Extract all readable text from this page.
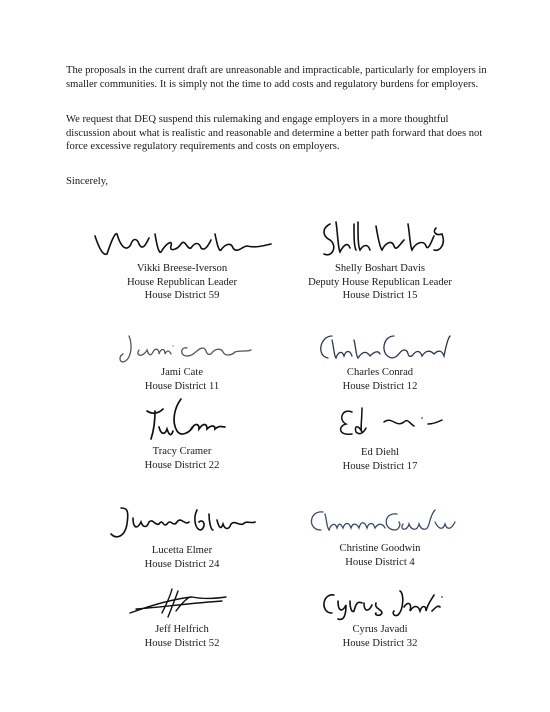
The proposals in the current draft are unreasonable and impracticable, particularly for employers in smaller communities. It is simply not the time to add costs and regulatory burdens for employers.

We request that DEQ suspend this rulemaking and engage employers in a more thoughtful discussion about what is realistic and reasonable and determine a better path forward that does not force excessive regulatory requirements and costs on employers.

Sincerely,

Vikki Breese-Iverson
House Republican Leader
House District 59
Shelly Boshart Davis
Deputy House Republican Leader
House District 15
Jami Cate
House District 11
Charles Conrad
House District 12
Tracy Cramer
House District 22
Ed Diehl
House District 17
Lucetta Elmer
House District 24
Christine Goodwin
House District 4
Jeff Helfrich
House District 52
Cyrus Javadi
House District 32
